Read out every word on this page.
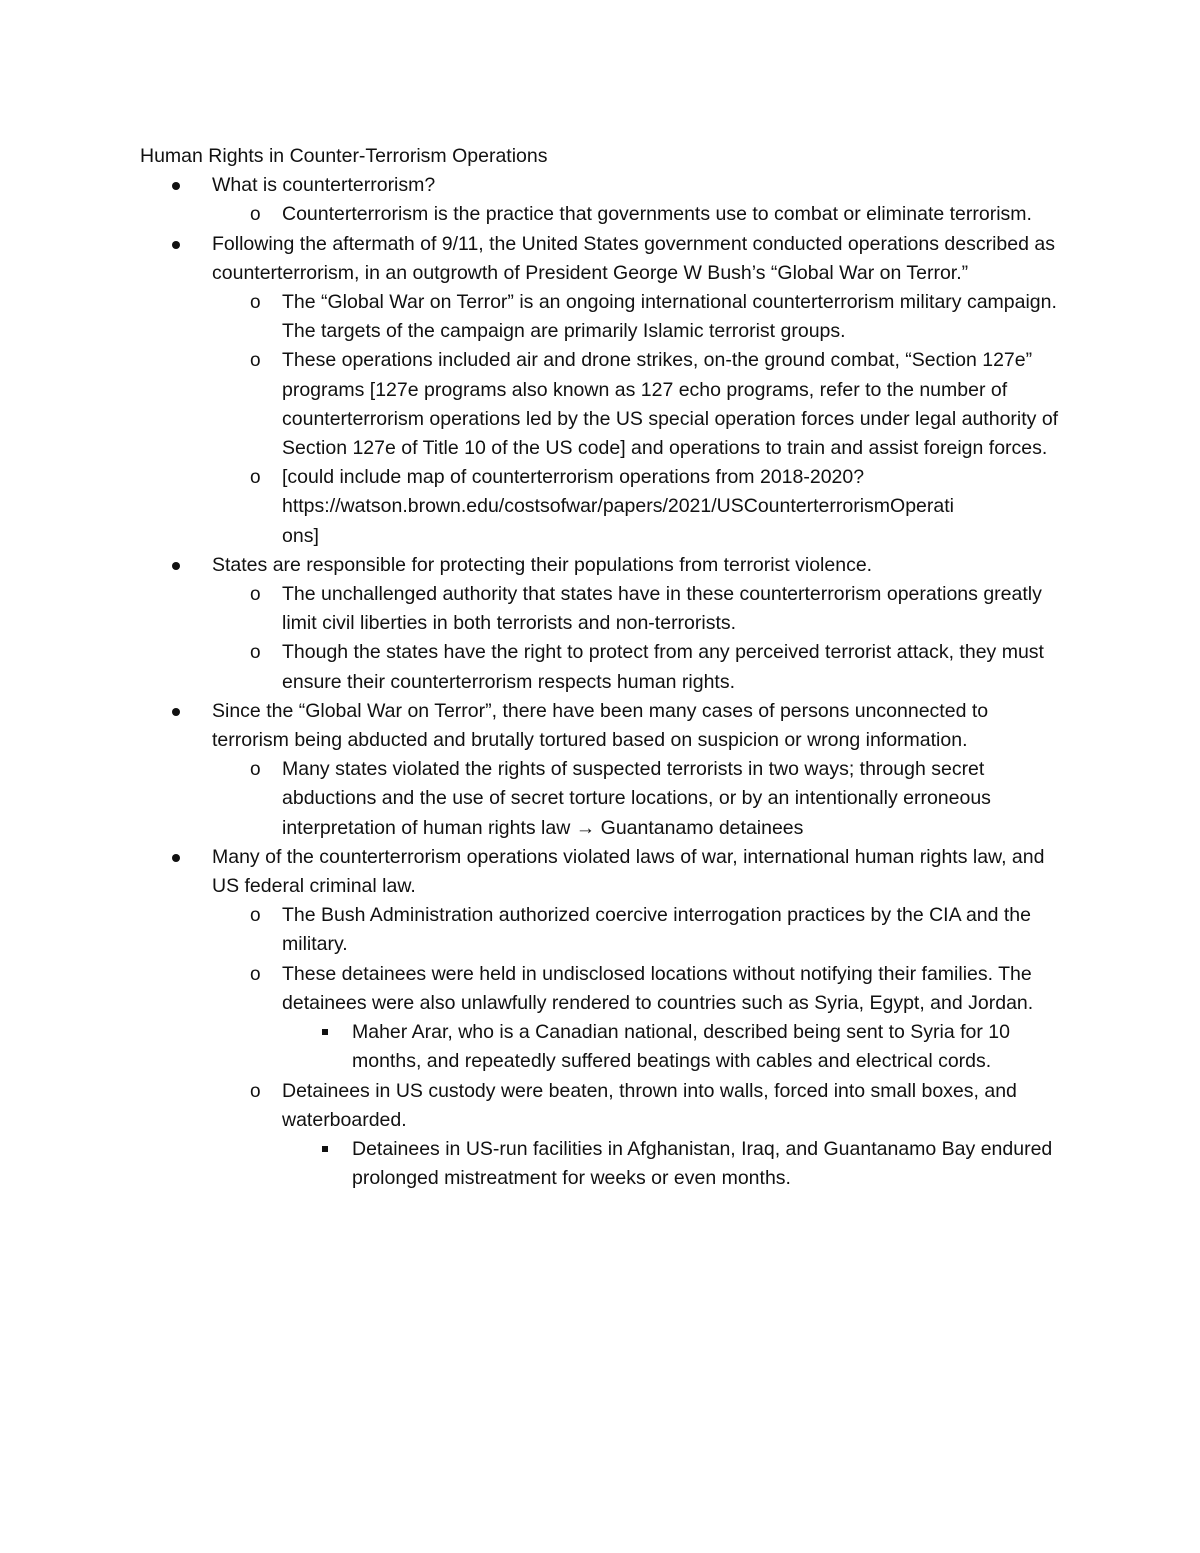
Human Rights in Counter-Terrorism Operations
What is counterterrorism?
o
Counterterrorism is the practice that governments use to combat or eliminate terrorism.
Following the aftermath of 9/11, the United States government conducted operations described as counterterrorism, in an outgrowth of President George W Bush’s “Global War on Terror.”
o
The “Global War on Terror” is an ongoing international counterterrorism military campaign. The targets of the campaign are primarily Islamic terrorist groups.
o
These operations included air and drone strikes, on-the ground combat, “Section 127e” programs [127e programs also known as 127 echo programs, refer to the number of counterterrorism operations led by the US special operation forces under legal authority of Section 127e of Title 10 of the US code] and operations to train and assist foreign forces.
o
[could include map of counterterrorism operations from 2018-2020?
https://watson.brown.edu/costsofwar/papers/2021/USCounterterrorismOperati
ons]
States are responsible for protecting their populations from terrorist violence.
o
The unchallenged authority that states have in these counterterrorism operations greatly limit civil liberties in both terrorists and non-terrorists.
o
Though the states have the right to protect from any perceived terrorist attack, they must ensure their counterterrorism respects human rights.
Since the “Global War on Terror”, there have been many cases of persons unconnected to terrorism being abducted and brutally tortured based on suspicion or wrong information.
o
Many states violated the rights of suspected terrorists in two ways; through secret abductions and the use of secret torture locations, or by an intentionally erroneous interpretation of human rights law → Guantanamo detainees
Many of the counterterrorism operations violated laws of war, international human rights law, and US federal criminal law.
o
The Bush Administration authorized coercive interrogation practices by the CIA and the military.
o
These detainees were held in undisclosed locations without notifying their families. The detainees were also unlawfully rendered to countries such as Syria, Egypt, and Jordan.
Maher Arar, who is a Canadian national, described being sent to Syria for 10 months, and repeatedly suffered beatings with cables and electrical cords.
o
Detainees in US custody were beaten, thrown into walls, forced into small boxes, and waterboarded.
Detainees in US-run facilities in Afghanistan, Iraq, and Guantanamo Bay endured prolonged mistreatment for weeks or even months.
